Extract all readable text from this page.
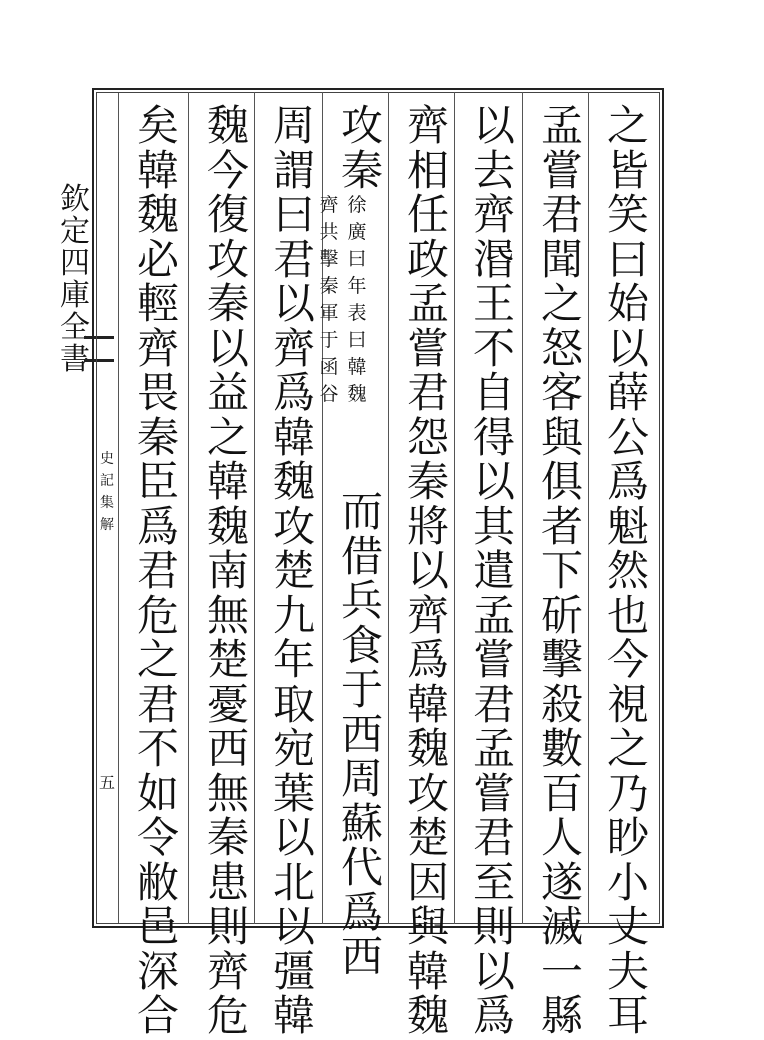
欽定四庫全書
史記集解
五
之皆笑曰始以薛公爲魁然也今視之乃眇小丈夫耳
孟嘗君聞之怒客與俱者下斫擊殺數百人遂滅一縣
以去齊湣王不自得以其遣孟嘗君孟嘗君至則以爲
齊相任政孟嘗君怨秦將以齊爲韓魏攻楚因與韓魏
攻秦
齊共擊秦軍于函谷
徐廣曰年表曰韓魏
而借兵食于西周蘇代爲西
周謂曰君以齊爲韓魏攻楚九年取宛葉以北以彊韓
魏今復攻秦以益之韓魏南無楚憂西無秦患則齊危
矣韓魏必輕齊畏秦臣爲君危之君不如令敝邑深合
